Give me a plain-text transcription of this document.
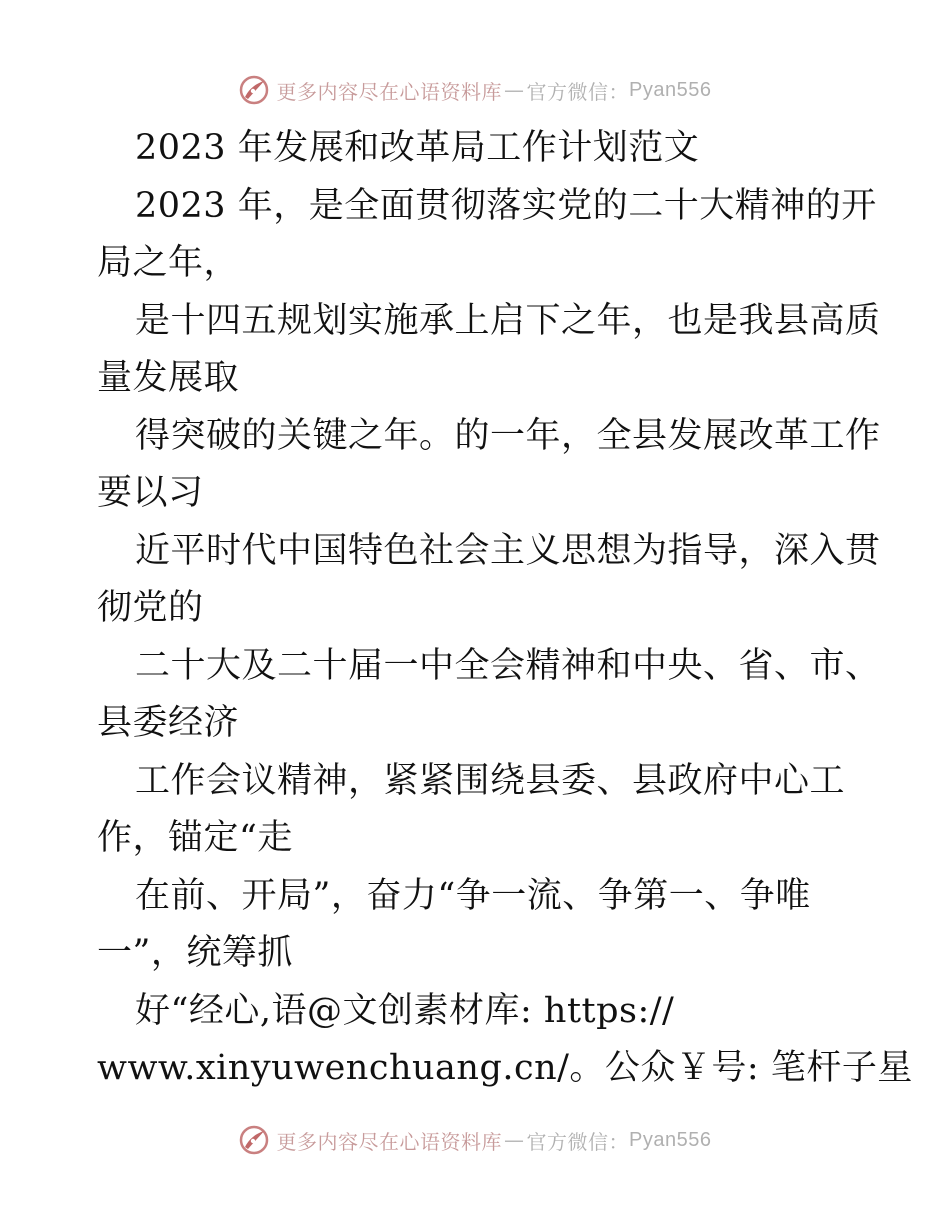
更多内容尽在心语资料库 — 官方微信： Pyan556
2023 年发展和改革局工作计划范文
2023 年，是全面贯彻落实党的二十大精神的开
局之年，
是十四五规划实施承上启下之年，也是我县高质
量发展取
得突破的关键之年。的一年，全县发展改革工作
要以习
近平时代中国特色社会主义思想为指导，深入贯
彻党的
二十大及二十届一中全会精神和中央、省、市、
县委经济
工作会议精神，紧紧围绕县委、县政府中心工
作，锚定“走
在前、开局”，奋力“争一流、争第一、争唯
一”，统筹抓
好“经心,语@文创素材库: https://
www.xinyuwenchuang.cn/。公众￥号: 笔杆子星
更多内容尽在心语资料库 — 官方微信： Pyan556
